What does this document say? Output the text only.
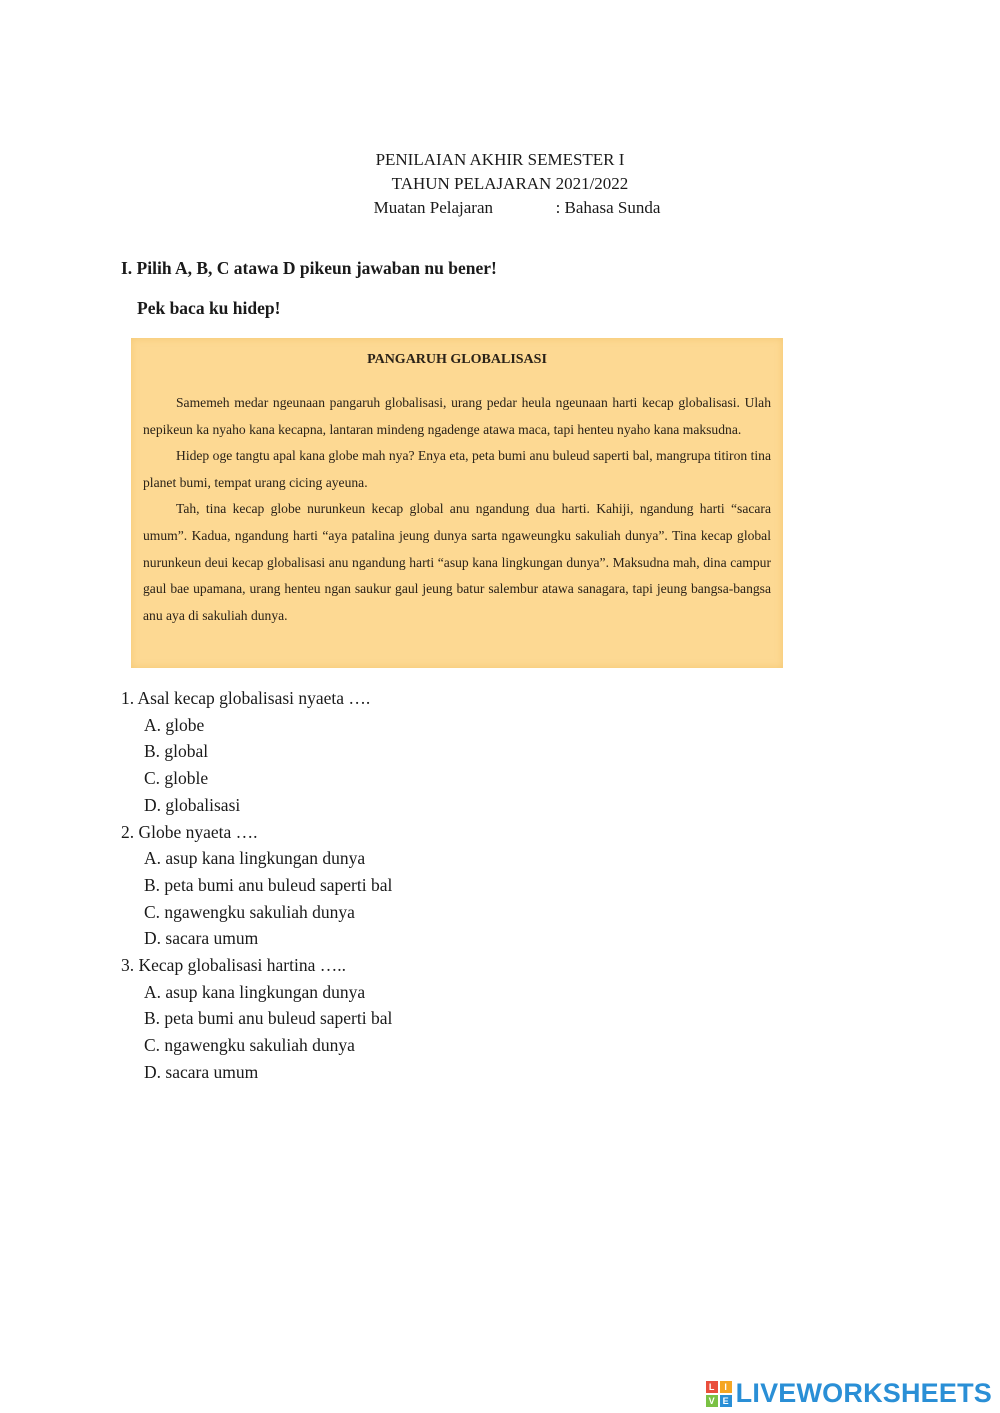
PENILAIAN AKHIR SEMESTER I
TAHUN PELAJARAN 2021/2022
Muatan Pelajaran	: Bahasa Sunda
I. Pilih A, B, C atawa D pikeun jawaban nu bener!
Pek baca ku hidep!
PANGARUH GLOBALISASI

Samemeh medar ngeunaan pangaruh globalisasi, urang pedar heula ngeunaan harti kecap globalisasi. Ulah nepikeun ka nyaho kana kecapna, lantaran mindeng ngadenge atawa maca, tapi henteu nyaho kana maksudna.

Hidep oge tangtu apal kana globe mah nya? Enya eta, peta bumi anu buleud saperti bal, mangrupa titiron tina planet bumi, tempat urang cicing ayeuna.

Tah, tina kecap globe nurunkeun kecap global anu ngandung dua harti. Kahiji, ngandung harti “sacara umum”. Kadua, ngandung harti “aya patalina jeung dunya sarta ngaweungku sakuliah dunya”. Tina kecap global nurunkeun deui kecap globalisasi anu ngandung harti “asup kana lingkungan dunya”. Maksudna mah, dina campur gaul bae upamana, urang henteu ngan saukur gaul jeung batur salembur atawa sanagara, tapi jeung bangsa-bangsa anu aya di sakuliah dunya.

1. Asal kecap globalisasi nyaeta ….
A. globe
B. global
C. globle
D. globalisasi
2. Globe nyaeta ….
A. asup kana lingkungan dunya
B. peta bumi anu buleud saperti bal
C. ngawengku sakuliah dunya
D. sacara umum
3. Kecap globalisasi hartina …..
A. asup kana lingkungan dunya
B. peta bumi anu buleud saperti bal
C. ngawengku sakuliah dunya
D. sacara umum
L	I
V E LIVEWORKSHEETS
